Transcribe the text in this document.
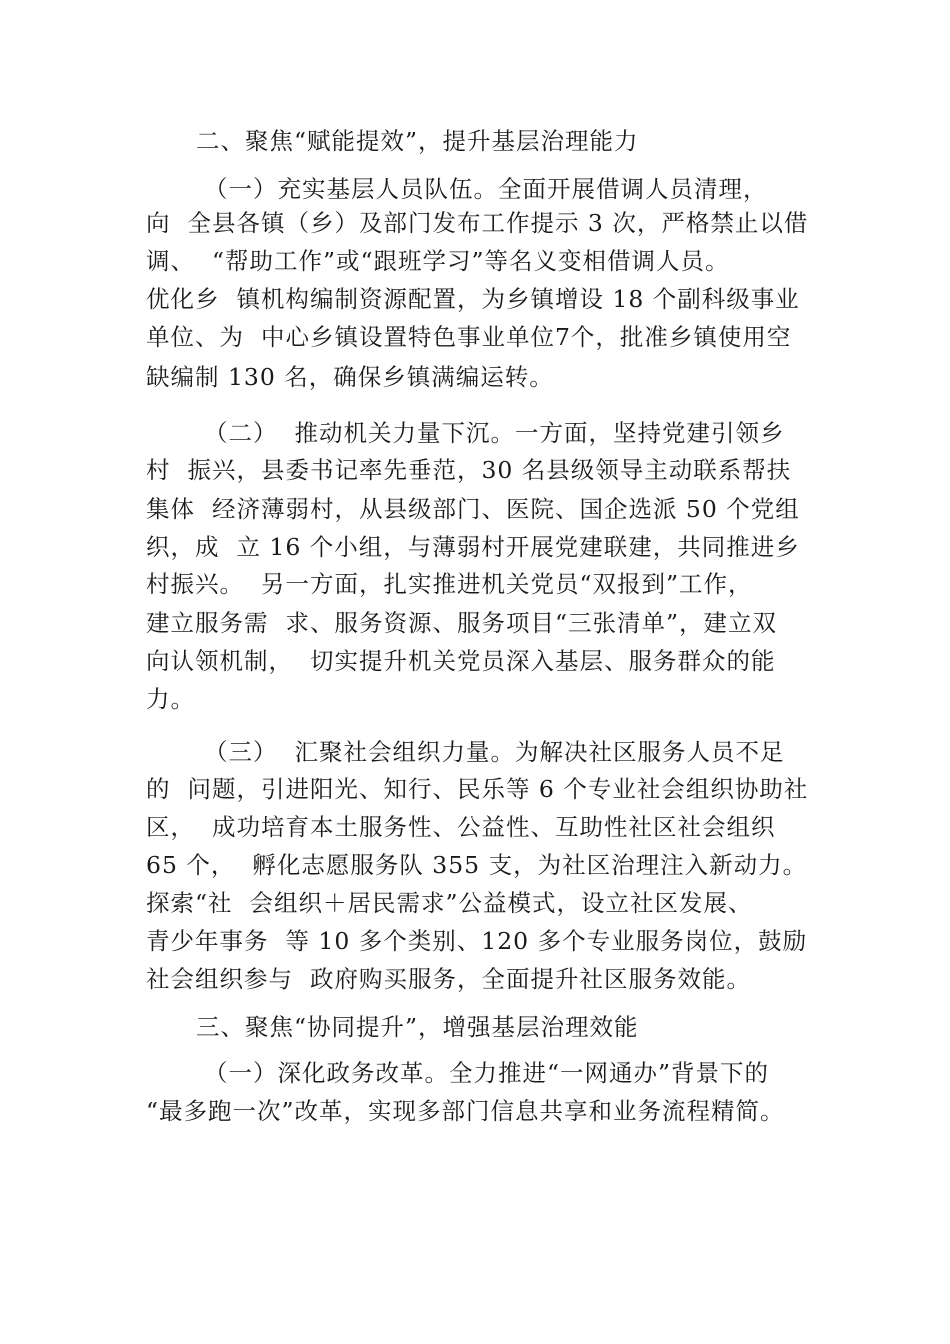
二、聚焦“赋能提效”，提升基层治理能力
（一）充实基层人员队伍。全面开展借调人员清理，
向  全县各镇（乡）及部门发布工作提示 3 次，严格禁止以借
调、  “帮助工作”或“跟班学习”等名义变相借调人员。
优化乡  镇机构编制资源配置，为乡镇增设 18 个副科级事业
单位、为  中心乡镇设置特色事业单位7个，批准乡镇使用空
缺编制 130 名，确保乡镇满编运转。
（二）  推动机关力量下沉。一方面，坚持党建引领乡
村  振兴，县委书记率先垂范，30 名县级领导主动联系帮扶
集体  经济薄弱村，从县级部门、医院、国企选派 50 个党组
织，成  立 16 个小组，与薄弱村开展党建联建，共同推进乡
村振兴。  另一方面，扎实推进机关党员“双报到”工作，
建立服务需  求、服务资源、服务项目“三张清单”，建立双
向认领机制，  切实提升机关党员深入基层、服务群众的能
力。
（三）  汇聚社会组织力量。为解决社区服务人员不足
的  问题，引进阳光、知行、民乐等 6 个专业社会组织协助社
区，  成功培育本土服务性、公益性、互助性社区社会组织
65 个，  孵化志愿服务队 355 支，为社区治理注入新动力。
探索“社  会组织＋居民需求”公益模式，设立社区发展、
青少年事务  等 10 多个类别、120 多个专业服务岗位，鼓励
社会组织参与  政府购买服务，全面提升社区服务效能。
三、聚焦“协同提升”，增强基层治理效能
（一）深化政务改革。全力推进“一网通办”背景下的
“最多跑一次”改革，实现多部门信息共享和业务流程精简。
